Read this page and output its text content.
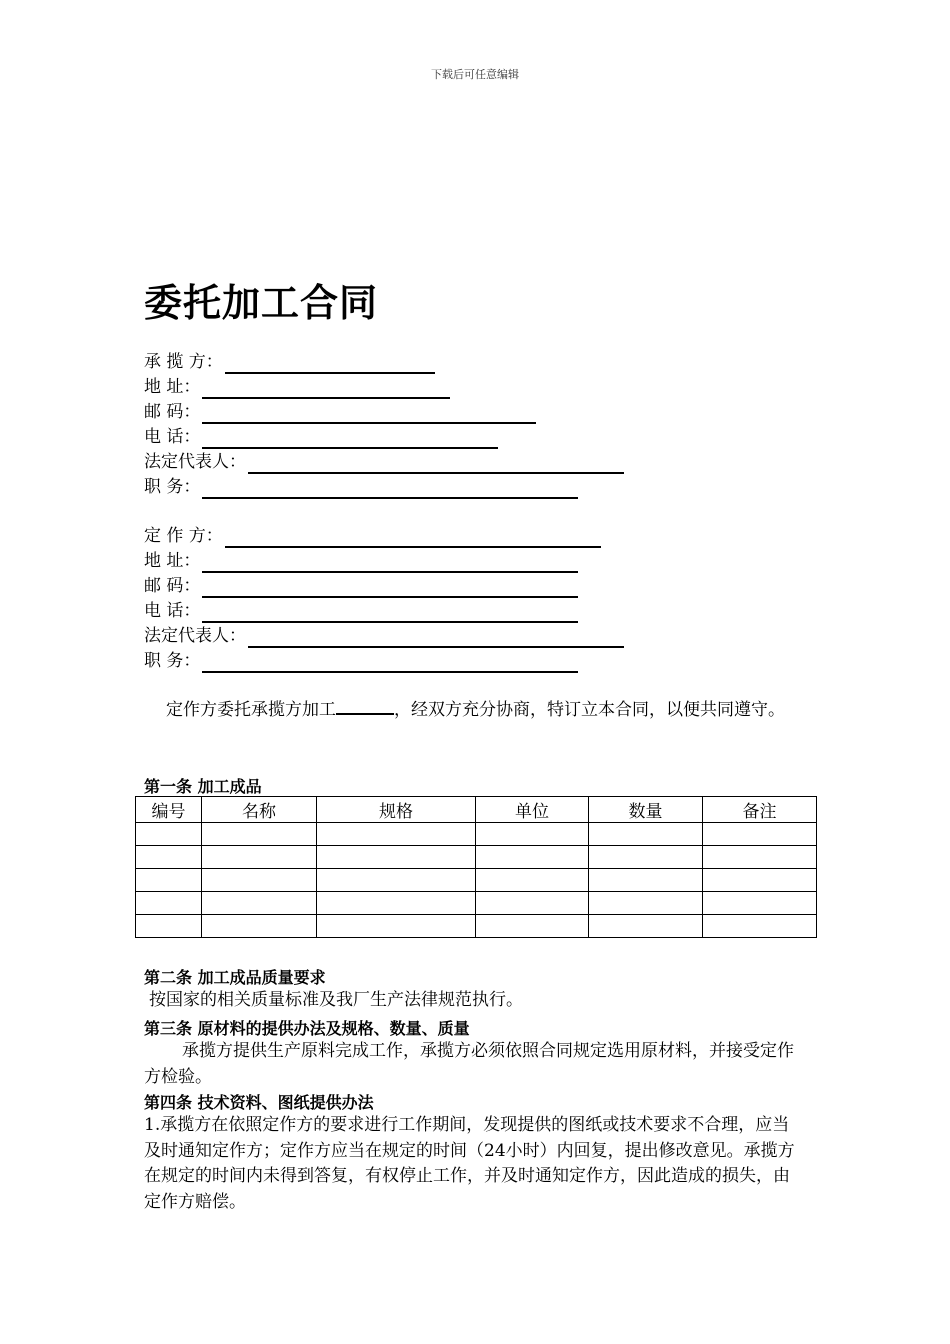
下载后可任意编辑
委托加工合同
承 揽 方：
地 址：
邮 码：
电 话：
法定代表人：
职 务：
定 作 方：
地 址：
邮 码：
电 话：
法定代表人：
职 务：
定作方委托承揽方加工	，经双方充分协商，特订立本合同，以便共同遵守。
第一条 加工成品
编号	名称	规格	单位	数量	备注

第二条 加工成品质量要求
按国家的相关质量标准及我厂生产法律规范执行。
第三条 原材料的提供办法及规格、数量、质量
承揽方提供生产原料完成工作，承揽方必须依照合同规定选用原材料，并接受定作方检验。
第四条 技术资料、图纸提供办法
1.承揽方在依照定作方的要求进行工作期间，发现提供的图纸或技术要求不合理，应当及时通知定作方；定作方应当在规定的时间（24小时）内回复，提出修改意见。承揽方在规定的时间内未得到答复，有权停止工作，并及时通知定作方，因此造成的损失，由定作方赔偿。
